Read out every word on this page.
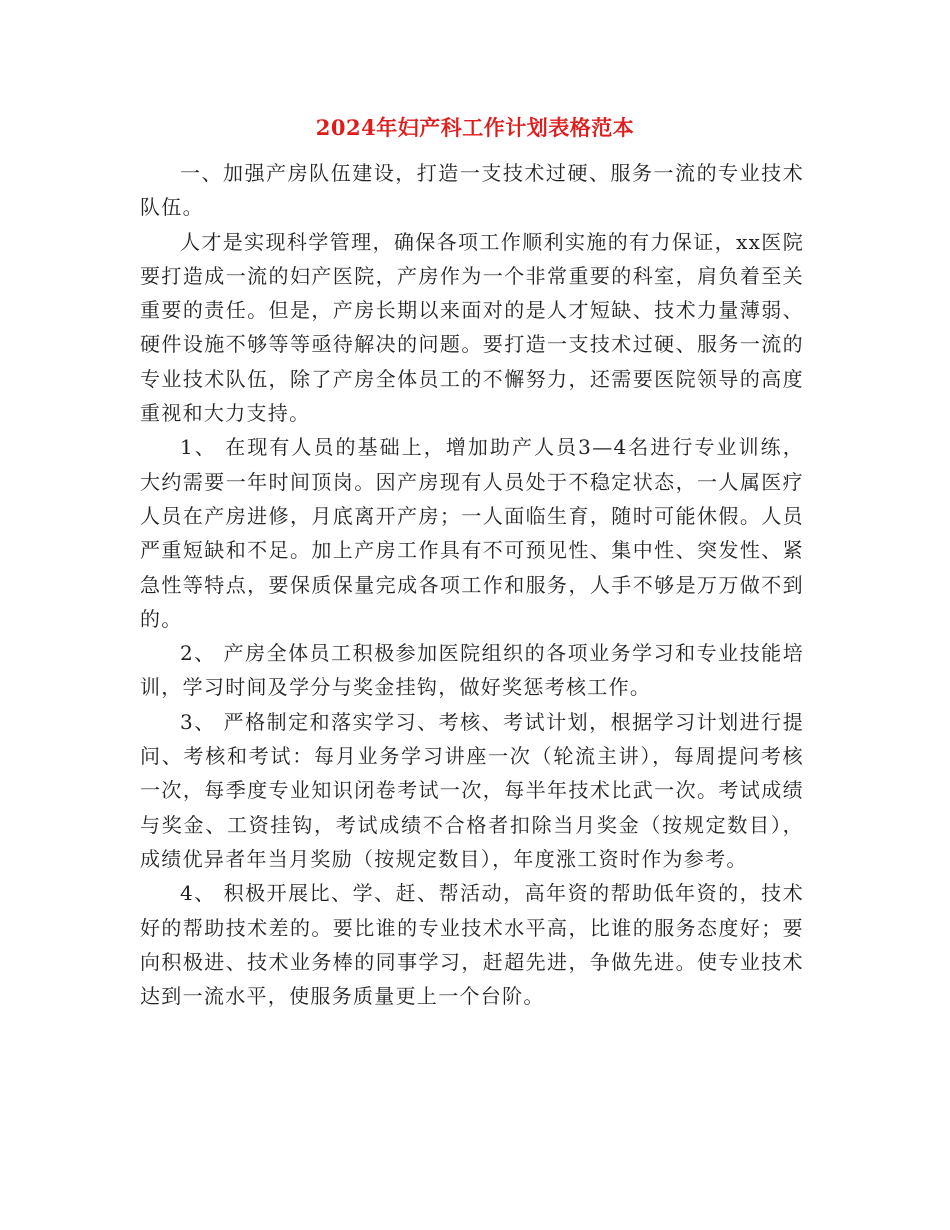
2024年妇产科工作计划表格范本

一、加强产房队伍建设，打造一支技术过硬、服务一流的专业技术队伍。

人才是实现科学管理，确保各项工作顺利实施的有力保证，xx医院要打造成一流的妇产医院，产房作为一个非常重要的科室，肩负着至关重要的责任。但是，产房长期以来面对的是人才短缺、技术力量薄弱、硬件设施不够等等亟待解决的问题。要打造一支技术过硬、服务一流的专业技术队伍，除了产房全体员工的不懈努力，还需要医院领导的高度重视和大力支持。

1、 在现有人员的基础上，增加助产人员3—4名进行专业训练，大约需要一年时间顶岗。因产房现有人员处于不稳定状态，一人属医疗人员在产房进修，月底离开产房；一人面临生育，随时可能休假。人员严重短缺和不足。加上产房工作具有不可预见性、集中性、突发性、紧急性等特点，要保质保量完成各项工作和服务，人手不够是万万做不到的。

2、 产房全体员工积极参加医院组织的各项业务学习和专业技能培训，学习时间及学分与奖金挂钩，做好奖惩考核工作。

3、 严格制定和落实学习、考核、考试计划，根据学习计划进行提问、考核和考试：每月业务学习讲座一次（轮流主讲），每周提问考核一次，每季度专业知识闭卷考试一次，每半年技术比武一次。考试成绩与奖金、工资挂钩，考试成绩不合格者扣除当月奖金（按规定数目），成绩优异者年当月奖励（按规定数目），年度涨工资时作为参考。

4、 积极开展比、学、赶、帮活动，高年资的帮助低年资的，技术好的帮助技术差的。要比谁的专业技术水平高，比谁的服务态度好；要向积极进、技术业务棒的同事学习，赶超先进，争做先进。使专业技术达到一流水平，使服务质量更上一个台阶。
